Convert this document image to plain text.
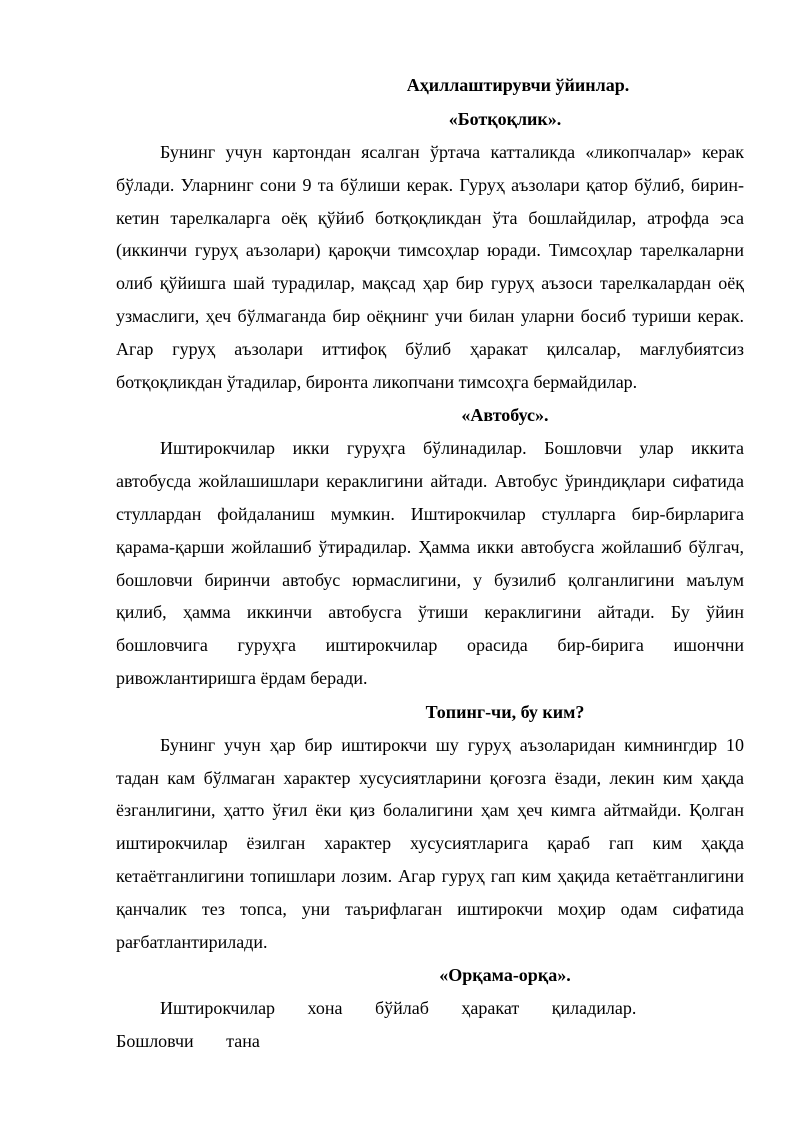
Аҳиллаштирувчи ўйинлар.

«Ботқоқлик».

Бунинг учун картондан ясалган ўртача катталикда «ликопчалар» керак бўлади. Уларнинг сони 9 та бўлиши керак. Гуруҳ аъзолари қатор бўлиб, бирин-кетин тарелкаларга оёқ қўйиб ботқоқликдан ўта бошлайдилар, атрофда эса (иккинчи гуруҳ аъзолари) қароқчи тимсоҳлар юради. Тимсоҳлар тарелкаларни олиб қўйишга шай турадилар, мақсад ҳар бир гуруҳ аъзоси тарелкалардан оёқ узмаслиги, ҳеч бўлмаганда бир оёқнинг учи билан уларни босиб туриши керак. Агар гуруҳ аъзолари иттифоқ бўлиб ҳаракат қилсалар, мағлубиятсиз ботқоқликдан ўтадилар, биронта ликопчани тимсоҳга бермайдилар.

«Автобус».

Иштирокчилар икки гуруҳга бўлинадилар. Бошловчи улар иккита автобусда жойлашишлари кераклигини айтади. Автобус ўриндиқлари сифатида стуллардан фойдаланиш мумкин. Иштирокчилар стулларга бир-бирларига қарама-қарши жойлашиб ўтирадилар. Ҳамма икки автобусга жойлашиб бўлгач, бошловчи биринчи автобус юрмаслигини, у бузилиб қолганлигини маълум қилиб, ҳамма иккинчи автобусга ўтиши кераклигини айтади. Бу ўйин бошловчига гуруҳга иштирокчилар орасида бир-бирига ишончни ривожлантиришга ёрдам беради.

Топинг-чи, бу ким?

Бунинг учун ҳар бир иштирокчи шу гуруҳ аъзоларидан кимнингдир 10 тадан кам бўлмаган характер хусусиятларини қоғозга ёзади, лекин ким ҳақда ёзганлигини, ҳатто ўғил ёки қиз болалигини ҳам ҳеч кимга айтмайди. Қолган иштирокчилар ёзилган характер хусусиятларига қараб гап ким ҳақда кетаётганлигини топишлари лозим. Агар гуруҳ гап ким ҳақида кетаётганлигини қанчалик тез топса, уни таърифлаган иштирокчи моҳир одам сифатида рағбатлантирилади.

«Орқама-орқа».

Иштирокчилар хона бўйлаб ҳаракат қиладилар. Бошловчи тана
